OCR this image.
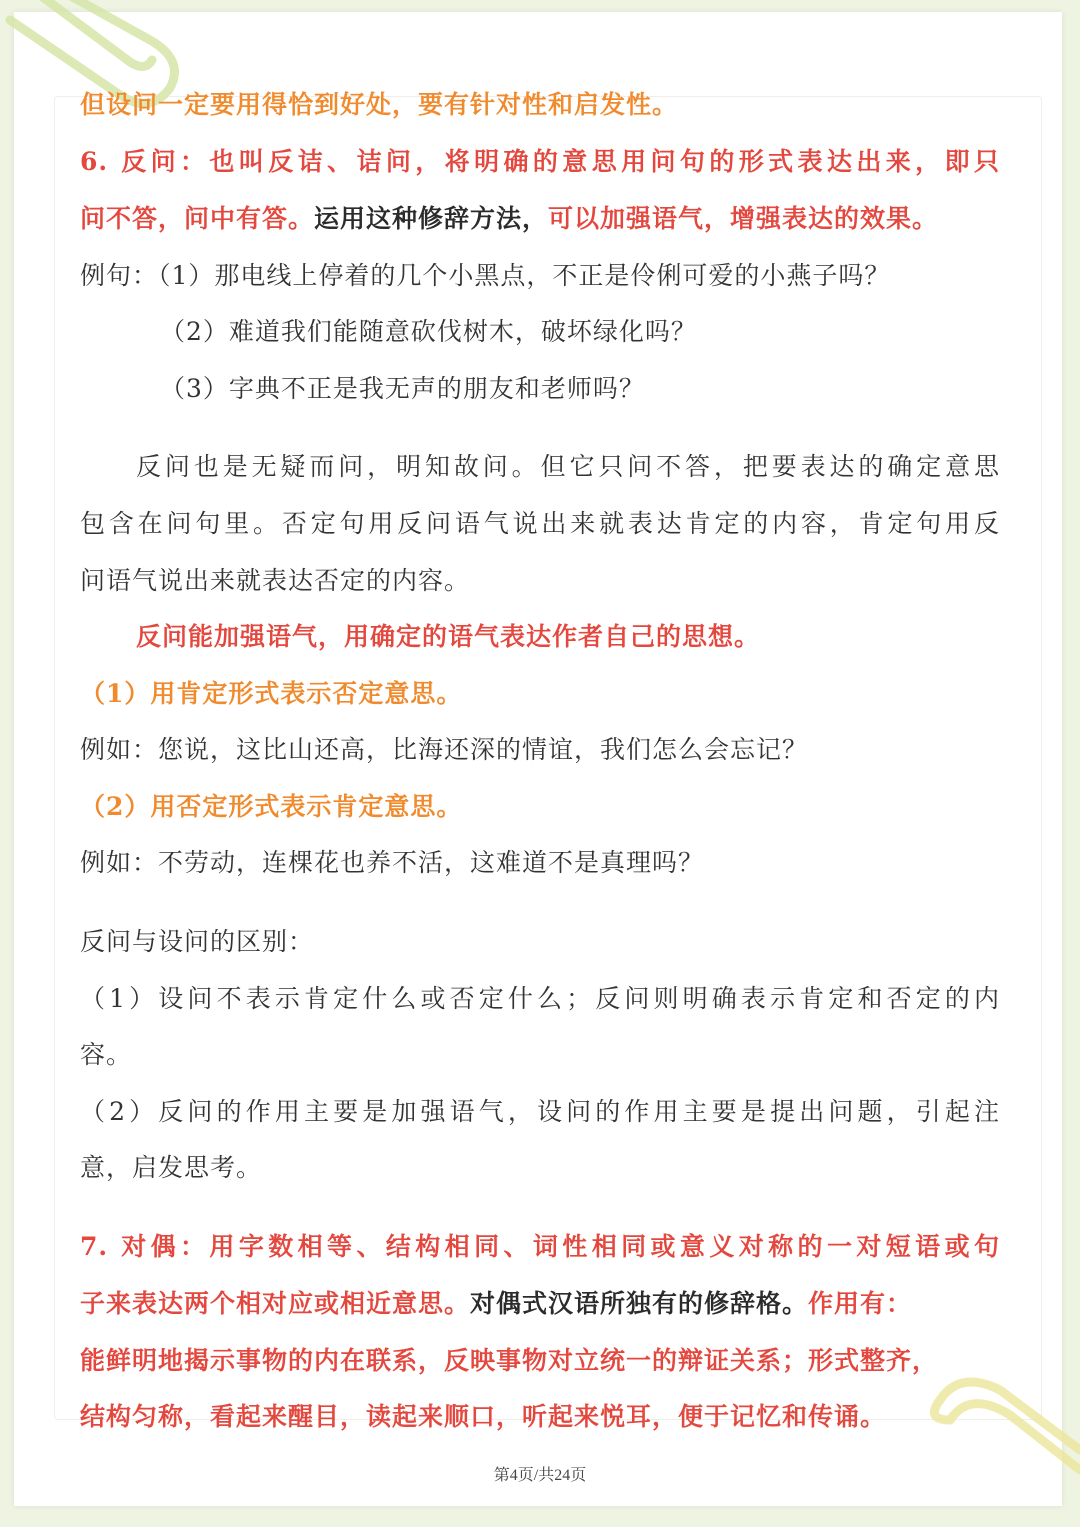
但设问一定要用得恰到好处，要有针对性和启发性。

6. 反问：也叫反诘、诘问，将明确的意思用问句的形式表达出来，即只

问不答，问中有答。运用这种修辞方法，可以加强语气，增强表达的效果。

例句：（1）那电线上停着的几个小黑点，不正是伶俐可爱的小燕子吗？

（2）难道我们能随意砍伐树木，破坏绿化吗？

（3）字典不正是我无声的朋友和老师吗？

反问也是无疑而问，明知故问。但它只问不答，把要表达的确定意思

包含在问句里。否定句用反问语气说出来就表达肯定的内容，肯定句用反

问语气说出来就表达否定的内容。

反问能加强语气，用确定的语气表达作者自己的思想。

（1）用肯定形式表示否定意思。

例如：您说，这比山还高，比海还深的情谊，我们怎么会忘记？

（2）用否定形式表示肯定意思。

例如：不劳动，连棵花也养不活，这难道不是真理吗？

反问与设问的区别：

（1）设问不表示肯定什么或否定什么；反问则明确表示肯定和否定的内

容。

（2）反问的作用主要是加强语气，设问的作用主要是提出问题，引起注

意，启发思考。

7. 对偶：用字数相等、结构相同、词性相同或意义对称的一对短语或句

子来表达两个相对应或相近意思。对偶式汉语所独有的修辞格。作用有：

能鲜明地揭示事物的内在联系，反映事物对立统一的辩证关系；形式整齐，

结构匀称，看起来醒目，读起来顺口，听起来悦耳，便于记忆和传诵。

第4页/共24页
